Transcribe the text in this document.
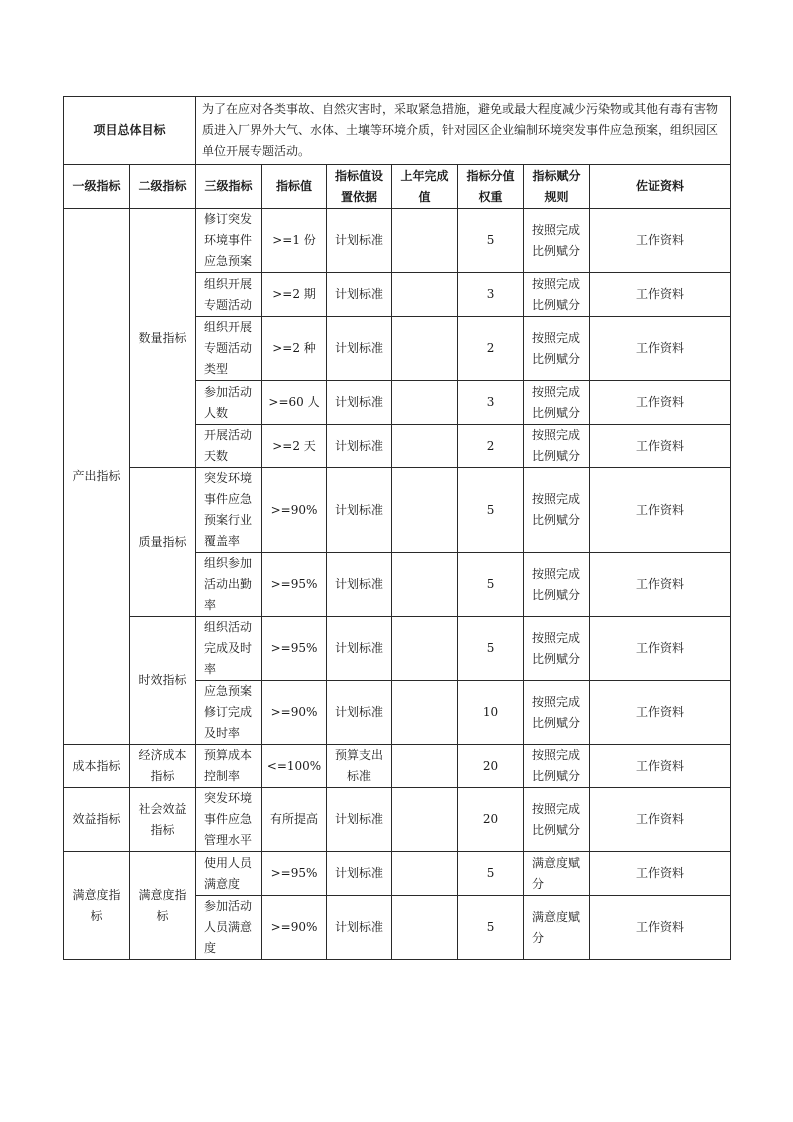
项目总体目标		为了在应对各类事故、自然灾害时，采取紧急措施，避免或最大程度减少污染物或其他有毒有害物质进入厂界外大气、水体、土壤等环境介质，针对园区企业编制环境突发事件应急预案，组织园区单位开展专题活动。						
一级指标	二级指标	三级指标	指标值	指标值设置依据	上年完成值	指标分值权重	指标赋分规则	佐证资料
产出指标	数量指标	修订突发环境事件应急预案	>=1 份	计划标准		5	按照完成比例赋分	工作资料
		组织开展专题活动	>=2 期	计划标准		3	按照完成比例赋分	工作资料
		组织开展专题活动类型	>=2 种	计划标准		2	按照完成比例赋分	工作资料
		参加活动人数	>=60 人	计划标准		3	按照完成比例赋分	工作资料
		开展活动天数	>=2 天	计划标准		2	按照完成比例赋分	工作资料
	质量指标	突发环境事件应急预案行业覆盖率	>=90%	计划标准		5	按照完成比例赋分	工作资料
		组织参加活动出勤率	>=95%	计划标准		5	按照完成比例赋分	工作资料
	时效指标	组织活动完成及时率	>=95%	计划标准		5	按照完成比例赋分	工作资料
		应急预案修订完成及时率	>=90%	计划标准		10	按照完成比例赋分	工作资料
成本指标	经济成本指标	预算成本控制率	<=100%	预算支出标准		20	按照完成比例赋分	工作资料
效益指标	社会效益指标	突发环境事件应急管理水平	有所提高	计划标准		20	按照完成比例赋分	工作资料
满意度指标	满意度指标	使用人员满意度	>=95%	计划标准		5	满意度赋分	工作资料
		参加活动人员满意度	>=90%	计划标准		5	满意度赋分	工作资料
